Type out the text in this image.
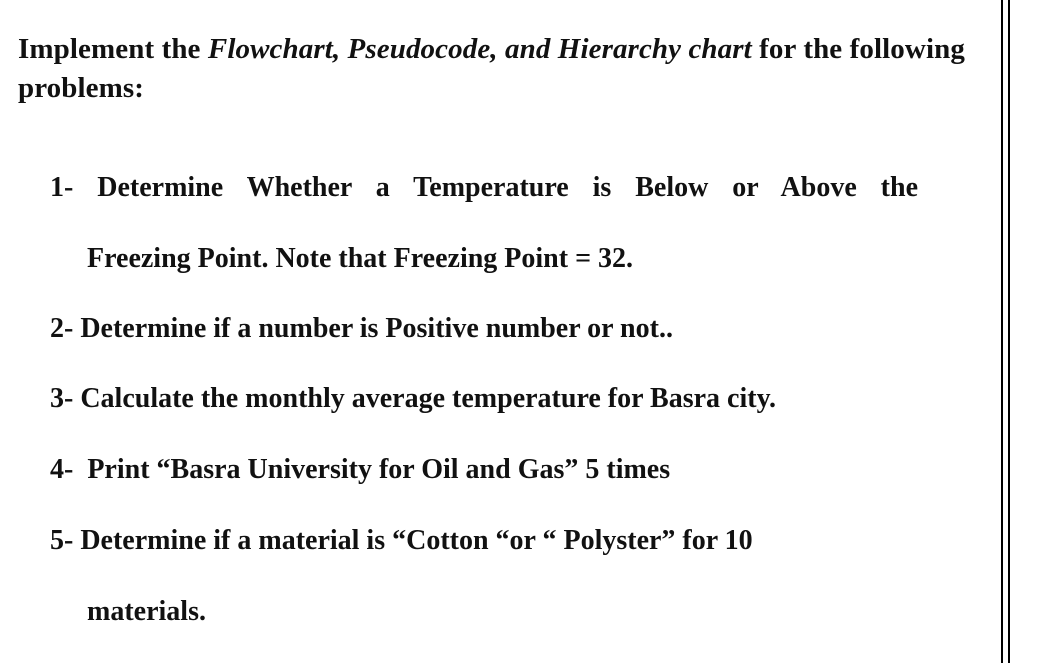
Implement the Flowchart, Pseudocode, and Hierarchy chart for the following problems:
1- Determine Whether a Temperature is Below or Above the
Freezing Point. Note that Freezing Point = 32.
2- Determine if a number is Positive number or not..
3- Calculate the monthly average temperature for Basra city.
4-  Print “Basra University for Oil and Gas” 5 times
5- Determine if a material is “Cotton “or “ Polyster” for 10
materials.
